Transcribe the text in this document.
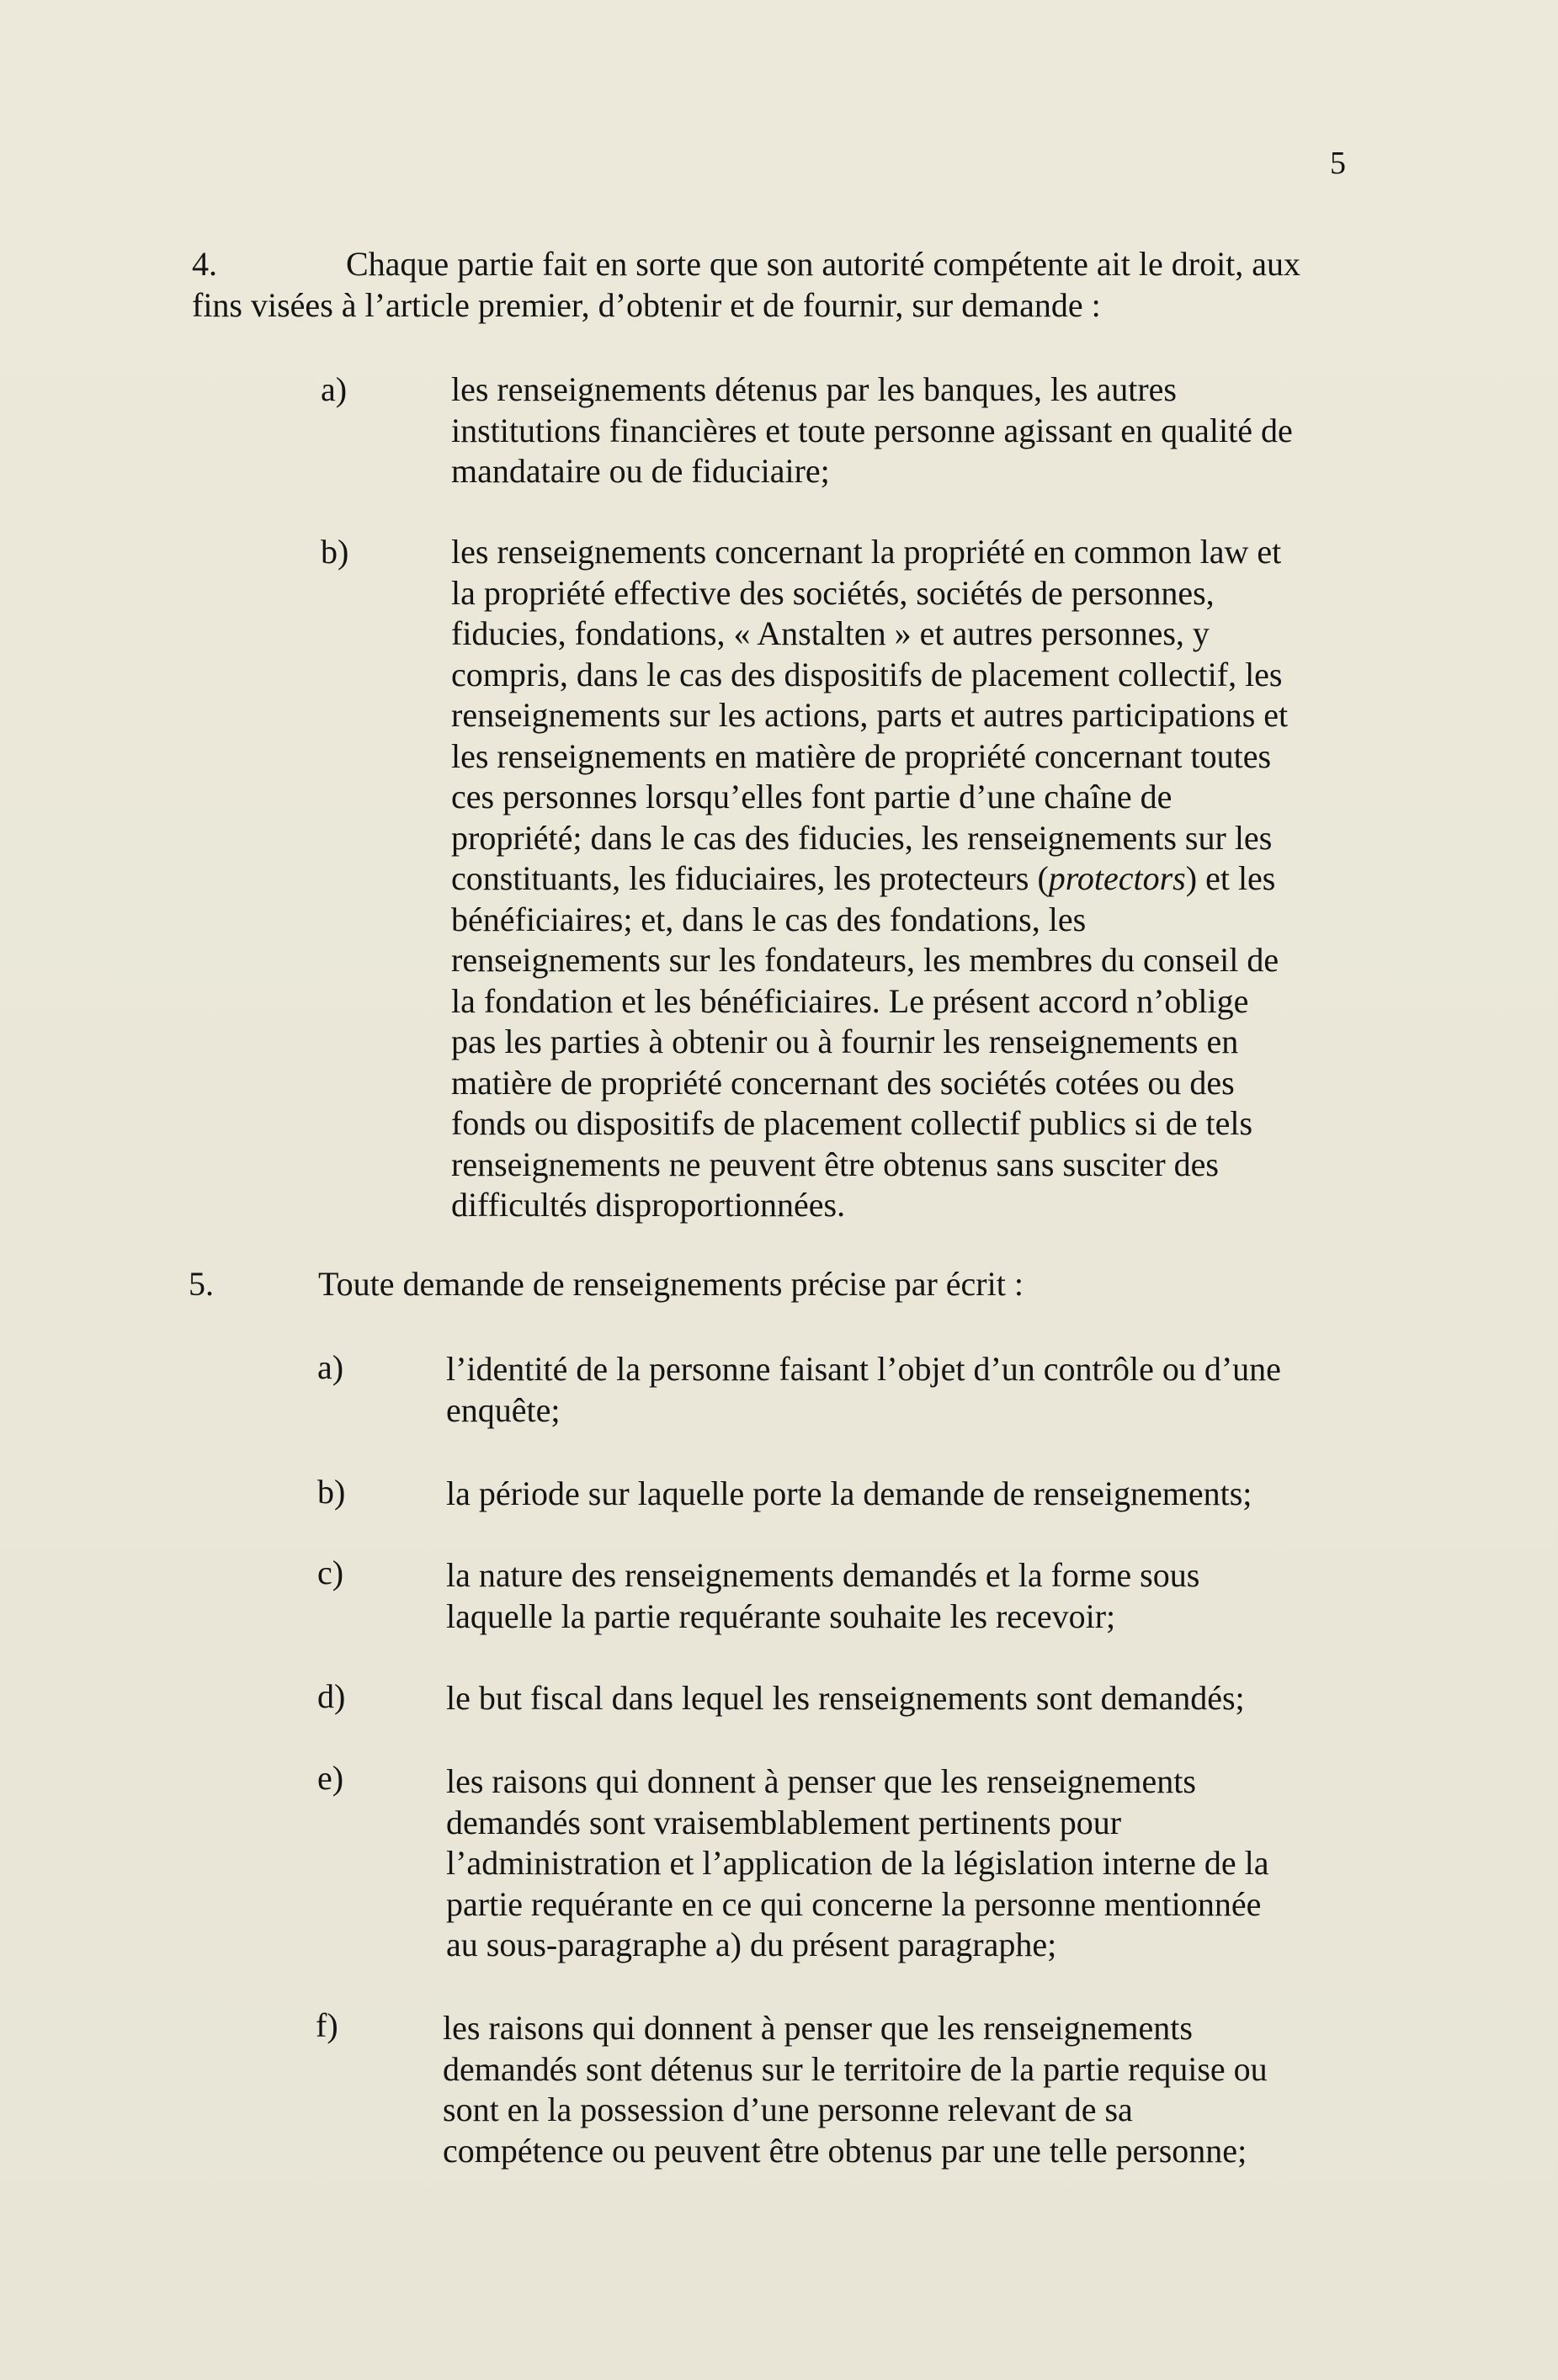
5
4.	Chaque partie fait en sorte que son autorité compétente ait le droit, aux
fins visées à l’article premier, d’obtenir et de fournir, sur demande :
a)	les renseignements détenus par les banques, les autres
institutions financières et toute personne agissant en qualité de
mandataire ou de fiduciaire;
b)	les renseignements concernant la propriété en common law et
la propriété effective des sociétés, sociétés de personnes,
fiducies, fondations, « Anstalten » et autres personnes, y
compris, dans le cas des dispositifs de placement collectif, les
renseignements sur les actions, parts et autres participations et
les renseignements en matière de propriété concernant toutes
ces personnes lorsqu’elles font partie d’une chaîne de
propriété; dans le cas des fiducies, les renseignements sur les
constituants, les fiduciaires, les protecteurs (protectors) et les
bénéficiaires; et, dans le cas des fondations, les
renseignements sur les fondateurs, les membres du conseil de
la fondation et les bénéficiaires. Le présent accord n’oblige
pas les parties à obtenir ou à fournir les renseignements en
matière de propriété concernant des sociétés cotées ou des
fonds ou dispositifs de placement collectif publics si de tels
renseignements ne peuvent être obtenus sans susciter des
difficultés disproportionnées.
5.	Toute demande de renseignements précise par écrit :
a)	l’identité de la personne faisant l’objet d’un contrôle ou d’une
enquête;
b)	la période sur laquelle porte la demande de renseignements;
c)	la nature des renseignements demandés et la forme sous
laquelle la partie requérante souhaite les recevoir;
d)	le but fiscal dans lequel les renseignements sont demandés;
e)	les raisons qui donnent à penser que les renseignements
demandés sont vraisemblablement pertinents pour
l’administration et l’application de la législation interne de la
partie requérante en ce qui concerne la personne mentionnée
au sous-paragraphe a) du présent paragraphe;
f)	les raisons qui donnent à penser que les renseignements
demandés sont détenus sur le territoire de la partie requise ou
sont en la possession d’une personne relevant de sa
compétence ou peuvent être obtenus par une telle personne;
